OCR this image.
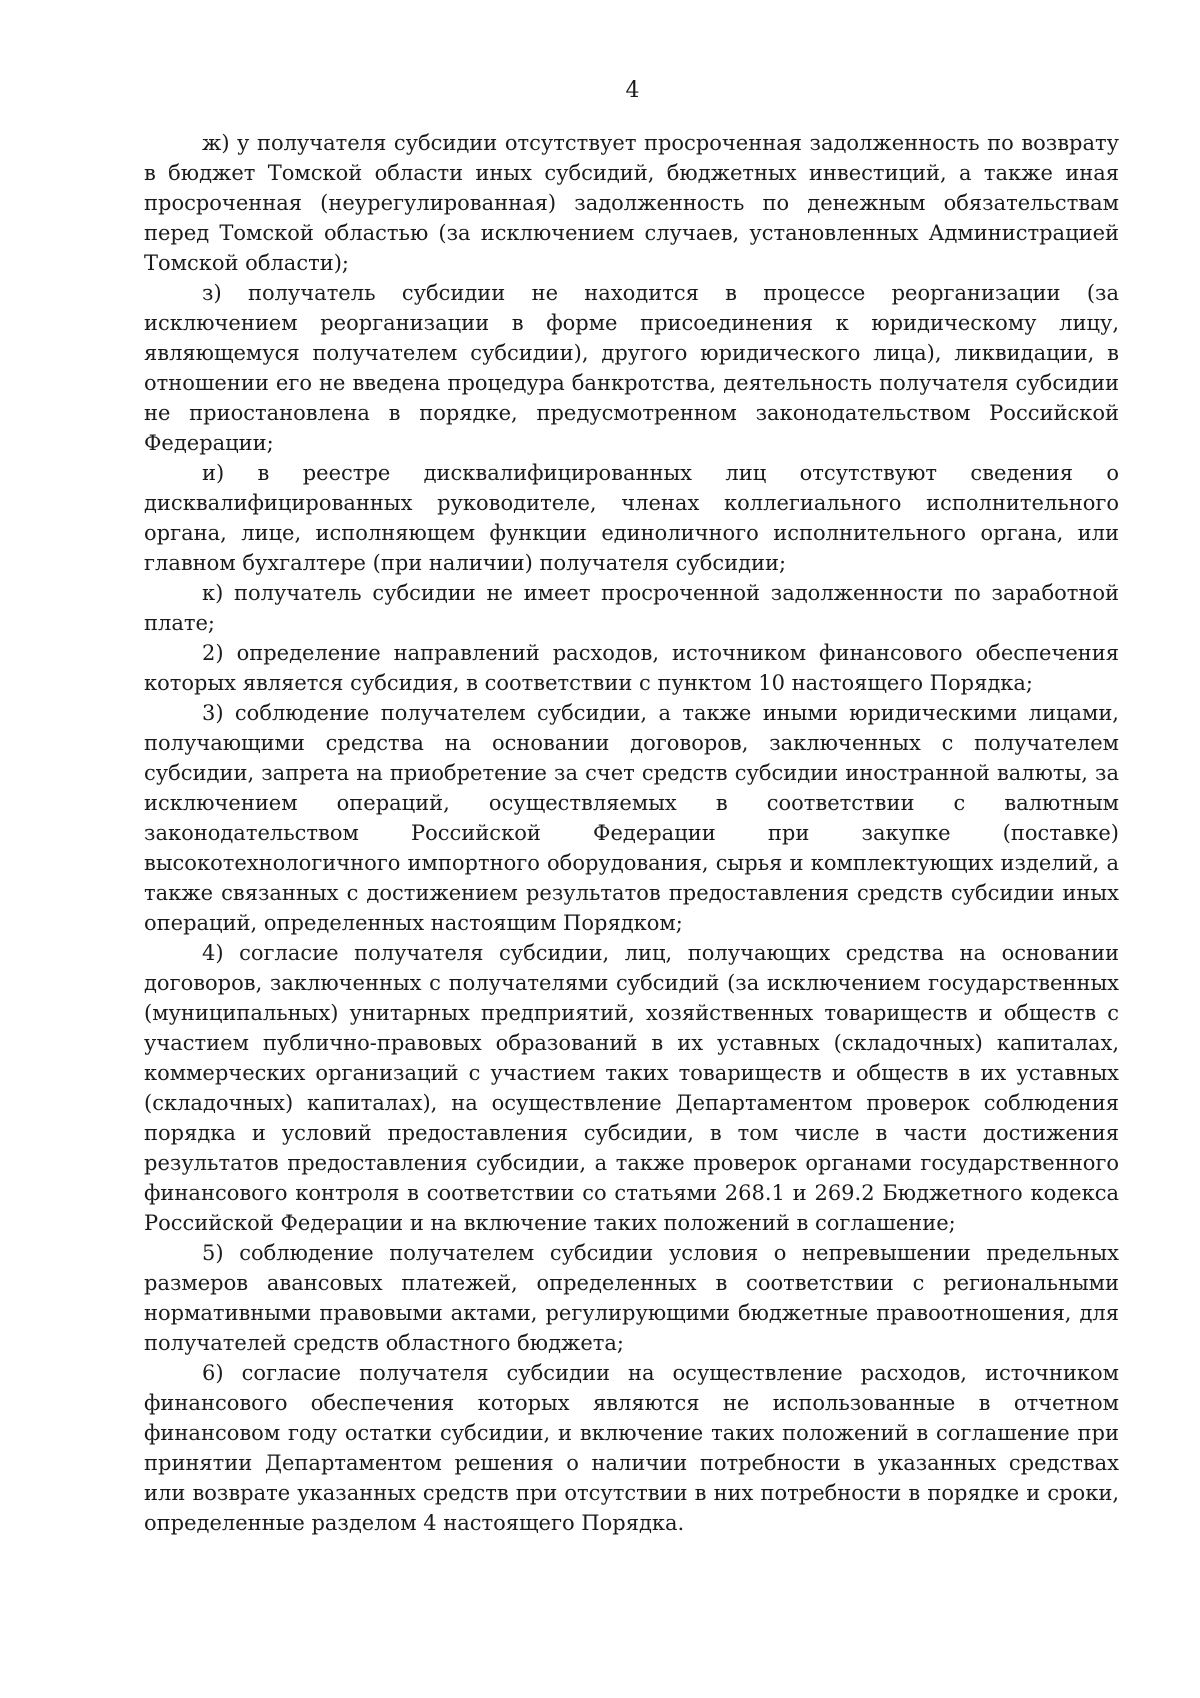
4

ж) у получателя субсидии отсутствует просроченная задолженность по возврату в бюджет Томской области иных субсидий, бюджетных инвестиций, а также иная просроченная (неурегулированная) задолженность по денежным обязательствам перед Томской областью (за исключением случаев, установленных Администрацией Томской области);

з) получатель субсидии не находится в процессе реорганизации (за исключением реорганизации в форме присоединения к юридическому лицу, являющемуся получателем субсидии), другого юридического лица), ликвидации, в отношении его не введена процедура банкротства, деятельность получателя субсидии не приостановлена в порядке, предусмотренном законодательством Российской Федерации;

и) в реестре дисквалифицированных лиц отсутствуют сведения о дисквалифицированных руководителе, членах коллегиального исполнительного органа, лице, исполняющем функции единоличного исполнительного органа, или главном бухгалтере (при наличии) получателя субсидии;

к) получатель субсидии не имеет просроченной задолженности по заработной плате;

2) определение направлений расходов, источником финансового обеспечения которых является субсидия, в соответствии с пунктом 10 настоящего Порядка;

3) соблюдение получателем субсидии, а также иными юридическими лицами, получающими средства на основании договоров, заключенных с получателем субсидии, запрета на приобретение за счет средств субсидии иностранной валюты, за исключением операций, осуществляемых в соответствии с валютным законодательством Российской Федерации при закупке (поставке) высокотехнологичного импортного оборудования, сырья и комплектующих изделий, а также связанных с достижением результатов предоставления средств субсидии иных операций, определенных настоящим Порядком;

4) согласие получателя субсидии, лиц, получающих средства на основании договоров, заключенных с получателями субсидий (за исключением государственных (муниципальных) унитарных предприятий, хозяйственных товариществ и обществ с участием публично-правовых образований в их уставных (складочных) капиталах, коммерческих организаций с участием таких товариществ и обществ в их уставных (складочных) капиталах), на осуществление Департаментом проверок соблюдения порядка и условий предоставления субсидии, в том числе в части достижения результатов предоставления субсидии, а также проверок органами государственного финансового контроля в соответствии со статьями 268.1 и 269.2 Бюджетного кодекса Российской Федерации и на включение таких положений в соглашение;

5) соблюдение получателем субсидии условия о непревышении предельных размеров авансовых платежей, определенных в соответствии с региональными нормативными правовыми актами, регулирующими бюджетные правоотношения, для получателей средств областного бюджета;

6) согласие получателя субсидии на осуществление расходов, источником финансового обеспечения которых являются не использованные в отчетном финансовом году остатки субсидии, и включение таких положений в соглашение при принятии Департаментом решения о наличии потребности в указанных средствах или возврате указанных средств при отсутствии в них потребности в порядке и сроки, определенные разделом 4 настоящего Порядка.
